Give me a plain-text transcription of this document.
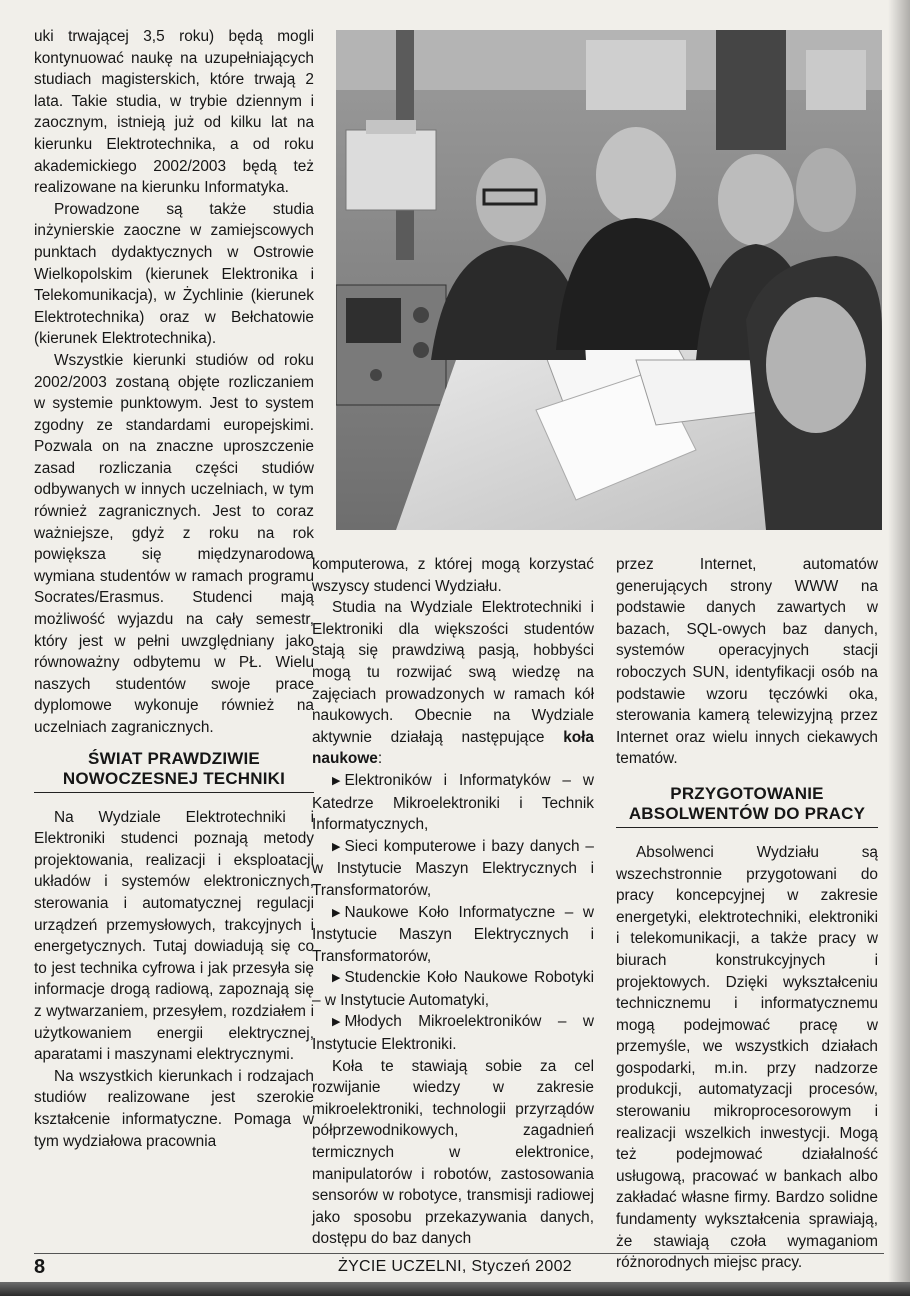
uki trwającej 3,5 roku) będą mogli kontynuować naukę na uzupełniających studiach magisterskich, które trwają 2 lata. Takie studia, w trybie dziennym i zaocznym, istnieją już od kilku lat na kierunku Elektrotechnika, a od roku akademickiego 2002/2003 będą też realizowane na kierunku Informatyka.

Prowadzone są także studia inżynierskie zaoczne w zamiejscowych punktach dydaktycznych w Ostrowie Wielkopolskim (kierunek Elektronika i Telekomunikacja), w Żychlinie (kierunek Elektrotechnika) oraz w Bełchatowie (kierunek Elektrotechnika).

Wszystkie kierunki studiów od roku 2002/2003 zostaną objęte rozliczaniem w systemie punktowym. Jest to system zgodny ze standardami europejskimi. Pozwala on na znaczne uproszczenie zasad rozliczania części studiów odbywanych w innych uczelniach, w tym również zagranicznych. Jest to coraz ważniejsze, gdyż z roku na rok powiększa się międzynarodowa wymiana studentów w ramach programu Socrates/Erasmus. Studenci mają możliwość wyjazdu na cały semestr, który jest w pełni uwzględniany jako równoważny odbytemu w PŁ. Wielu naszych studentów swoje prace dyplomowe wykonuje również na uczelniach zagranicznych.

ŚWIAT PRAWDZIWIE
NOWOCZESNEJ TECHNIKI

Na Wydziale Elektrotechniki i Elektroniki studenci poznają metody projektowania, realizacji i eksploatacji układów i systemów elektronicznych, sterowania i automatycznej regulacji urządzeń przemysłowych, trakcyjnych i energetycznych. Tutaj dowiadują się co to jest technika cyfrowa i jak przesyła się informacje drogą radiową, zapoznają się z wytwarzaniem, przesyłem, rozdziałem i użytkowaniem energii elektrycznej, aparatami i maszynami elektrycznymi.

Na wszystkich kierunkach i rodzajach studiów realizowane jest szerokie kształcenie informatyczne. Pomaga w tym wydziałowa pracownia

komputerowa, z której mogą korzystać wszyscy studenci Wydziału.

Studia na Wydziale Elektrotechniki i Elektroniki dla większości studentów stają się prawdziwą pasją, hobbyści mogą tu rozwijać swą wiedzę na zajęciach prowadzonych w ramach kół naukowych. Obecnie na Wydziale aktywnie działają następujące koła naukowe:

▶ Elektroników i Informatyków – w Katedrze Mikroelektroniki i Technik Informatycznych,

▶ Sieci komputerowe i bazy danych – w Instytucie Maszyn Elektrycznych i Transformatorów,

▶ Naukowe Koło Informatyczne – w Instytucie Maszyn Elektrycznych i Transformatorów,

▶ Studenckie Koło Naukowe Robotyki – w Instytucie Automatyki,

▶ Młodych Mikroelektroników – w Instytucie Elektroniki.

Koła te stawiają sobie za cel rozwijanie wiedzy w zakresie mikroelektroniki, technologii przyrządów półprzewodnikowych, zagadnień termicznych w elektronice, manipulatorów i robotów, zastosowania sensorów w robotyce, transmisji radiowej jako sposobu przekazywania danych, dostępu do baz danych

przez Internet, automatów generujących strony WWW na podstawie danych zawartych w bazach, SQL-owych baz danych, systemów operacyjnych stacji roboczych SUN, identyfikacji osób na podstawie wzoru tęczówki oka, sterowania kamerą telewizyjną przez Internet oraz wielu innych ciekawych tematów.

PRZYGOTOWANIE
ABSOLWENTÓW DO PRACY

Absolwenci Wydziału są wszechstronnie przygotowani do pracy koncepcyjnej w zakresie energetyki, elektrotechniki, elektroniki i telekomunikacji, a także pracy w biurach konstrukcyjnych i projektowych. Dzięki wykształceniu technicznemu i informatycznemu mogą podejmować pracę w przemyśle, we wszystkich działach gospodarki, m.in. przy nadzorze produkcji, automatyzacji procesów, sterowaniu mikroprocesorowym i realizacji wszelkich inwestycji. Mogą też podejmować działalność usługową, pracować w bankach albo zakładać własne firmy. Bardzo solidne fundamenty wykształcenia sprawiają, że stawiają czoła wymaganiom różnorodnych miejsc pracy.

8	ŻYCIE UCZELNI, Styczeń 2002
